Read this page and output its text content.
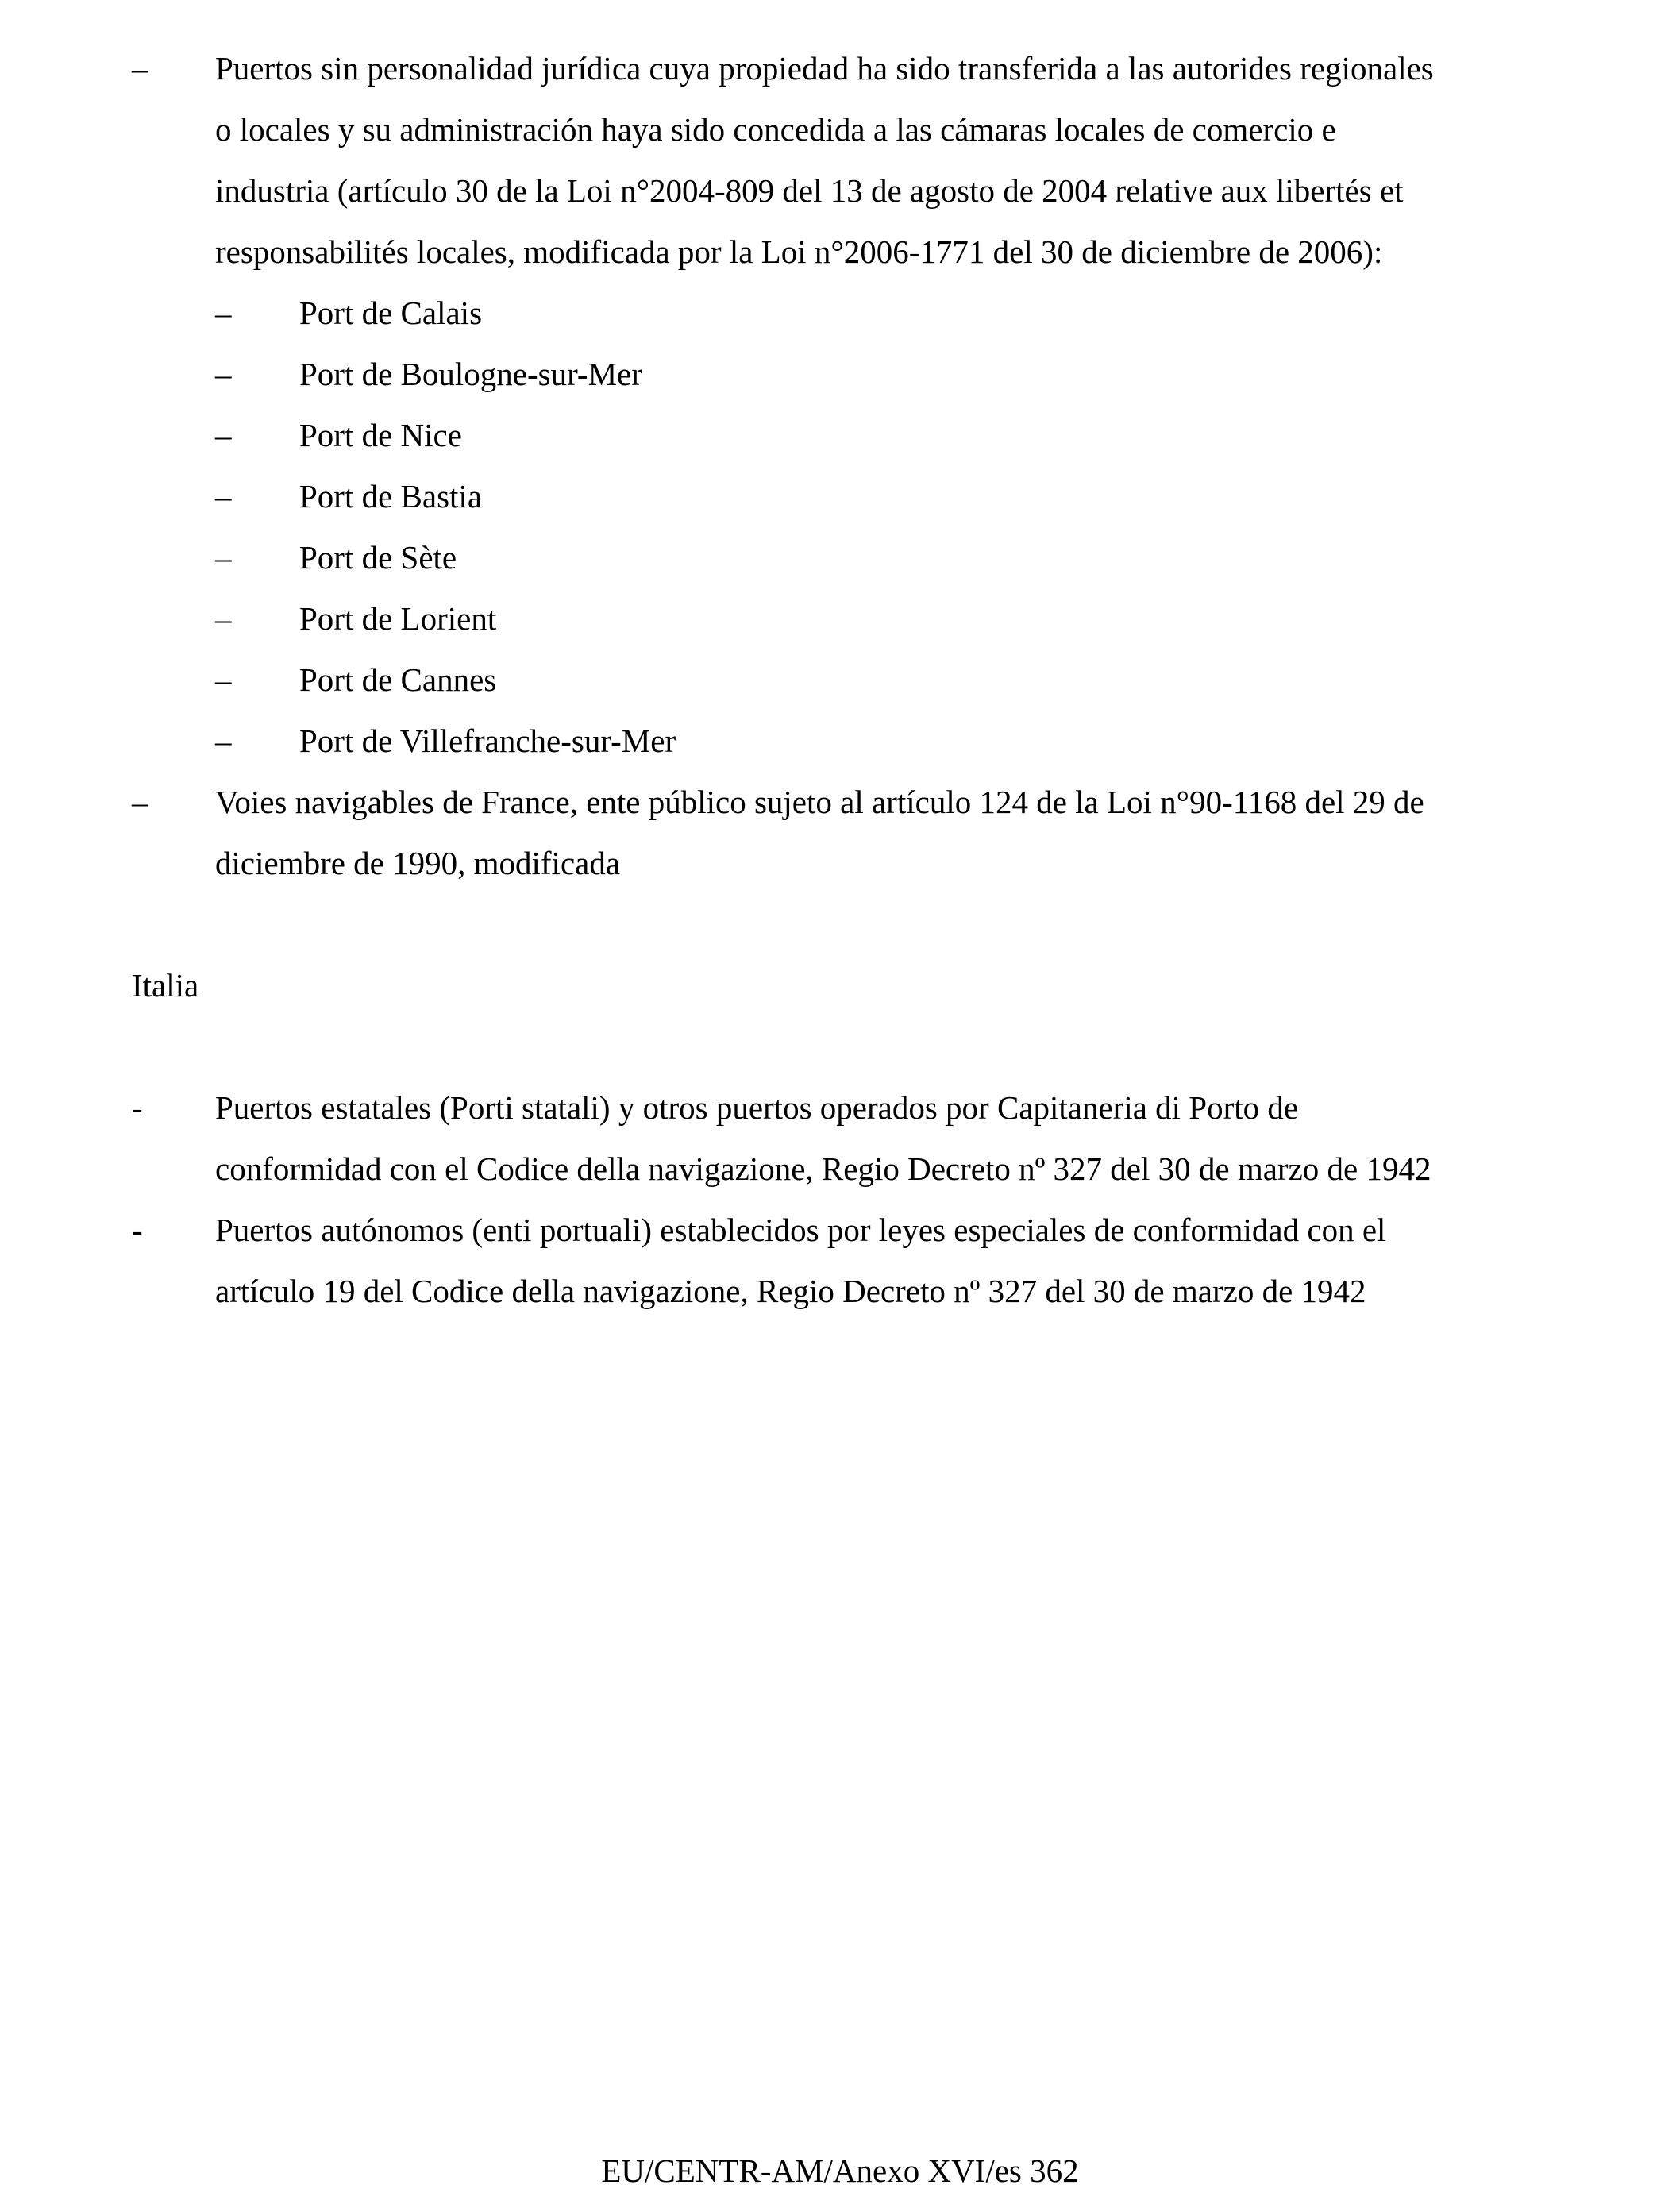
– Puertos sin personalidad jurídica cuya propiedad ha sido transferida a las autorides regionales
o locales y su administración haya sido concedida a las cámaras locales de comercio e
industria (artículo 30 de la Loi n°2004-809 del 13 de agosto de 2004 relative aux libertés et
responsabilités locales, modificada por la Loi n°2006-1771 del 30 de diciembre de 2006):
– Port de Calais
– Port de Boulogne-sur-Mer
– Port de Nice
– Port de Bastia
– Port de Sète
– Port de Lorient
– Port de Cannes
– Port de Villefranche-sur-Mer
– Voies navigables de France, ente público sujeto al artículo 124 de la Loi n°90-1168 del 29 de
diciembre de 1990, modificada
Italia
- Puertos estatales (Porti statali) y otros puertos operados por Capitaneria di Porto de
conformidad con el Codice della navigazione, Regio Decreto nº 327 del 30 de marzo de 1942
- Puertos autónomos (enti portuali) establecidos por leyes especiales de conformidad con el
artículo 19 del Codice della navigazione, Regio Decreto nº 327 del 30 de marzo de 1942
EU/CENTR-AM/Anexo XVI/es 362
